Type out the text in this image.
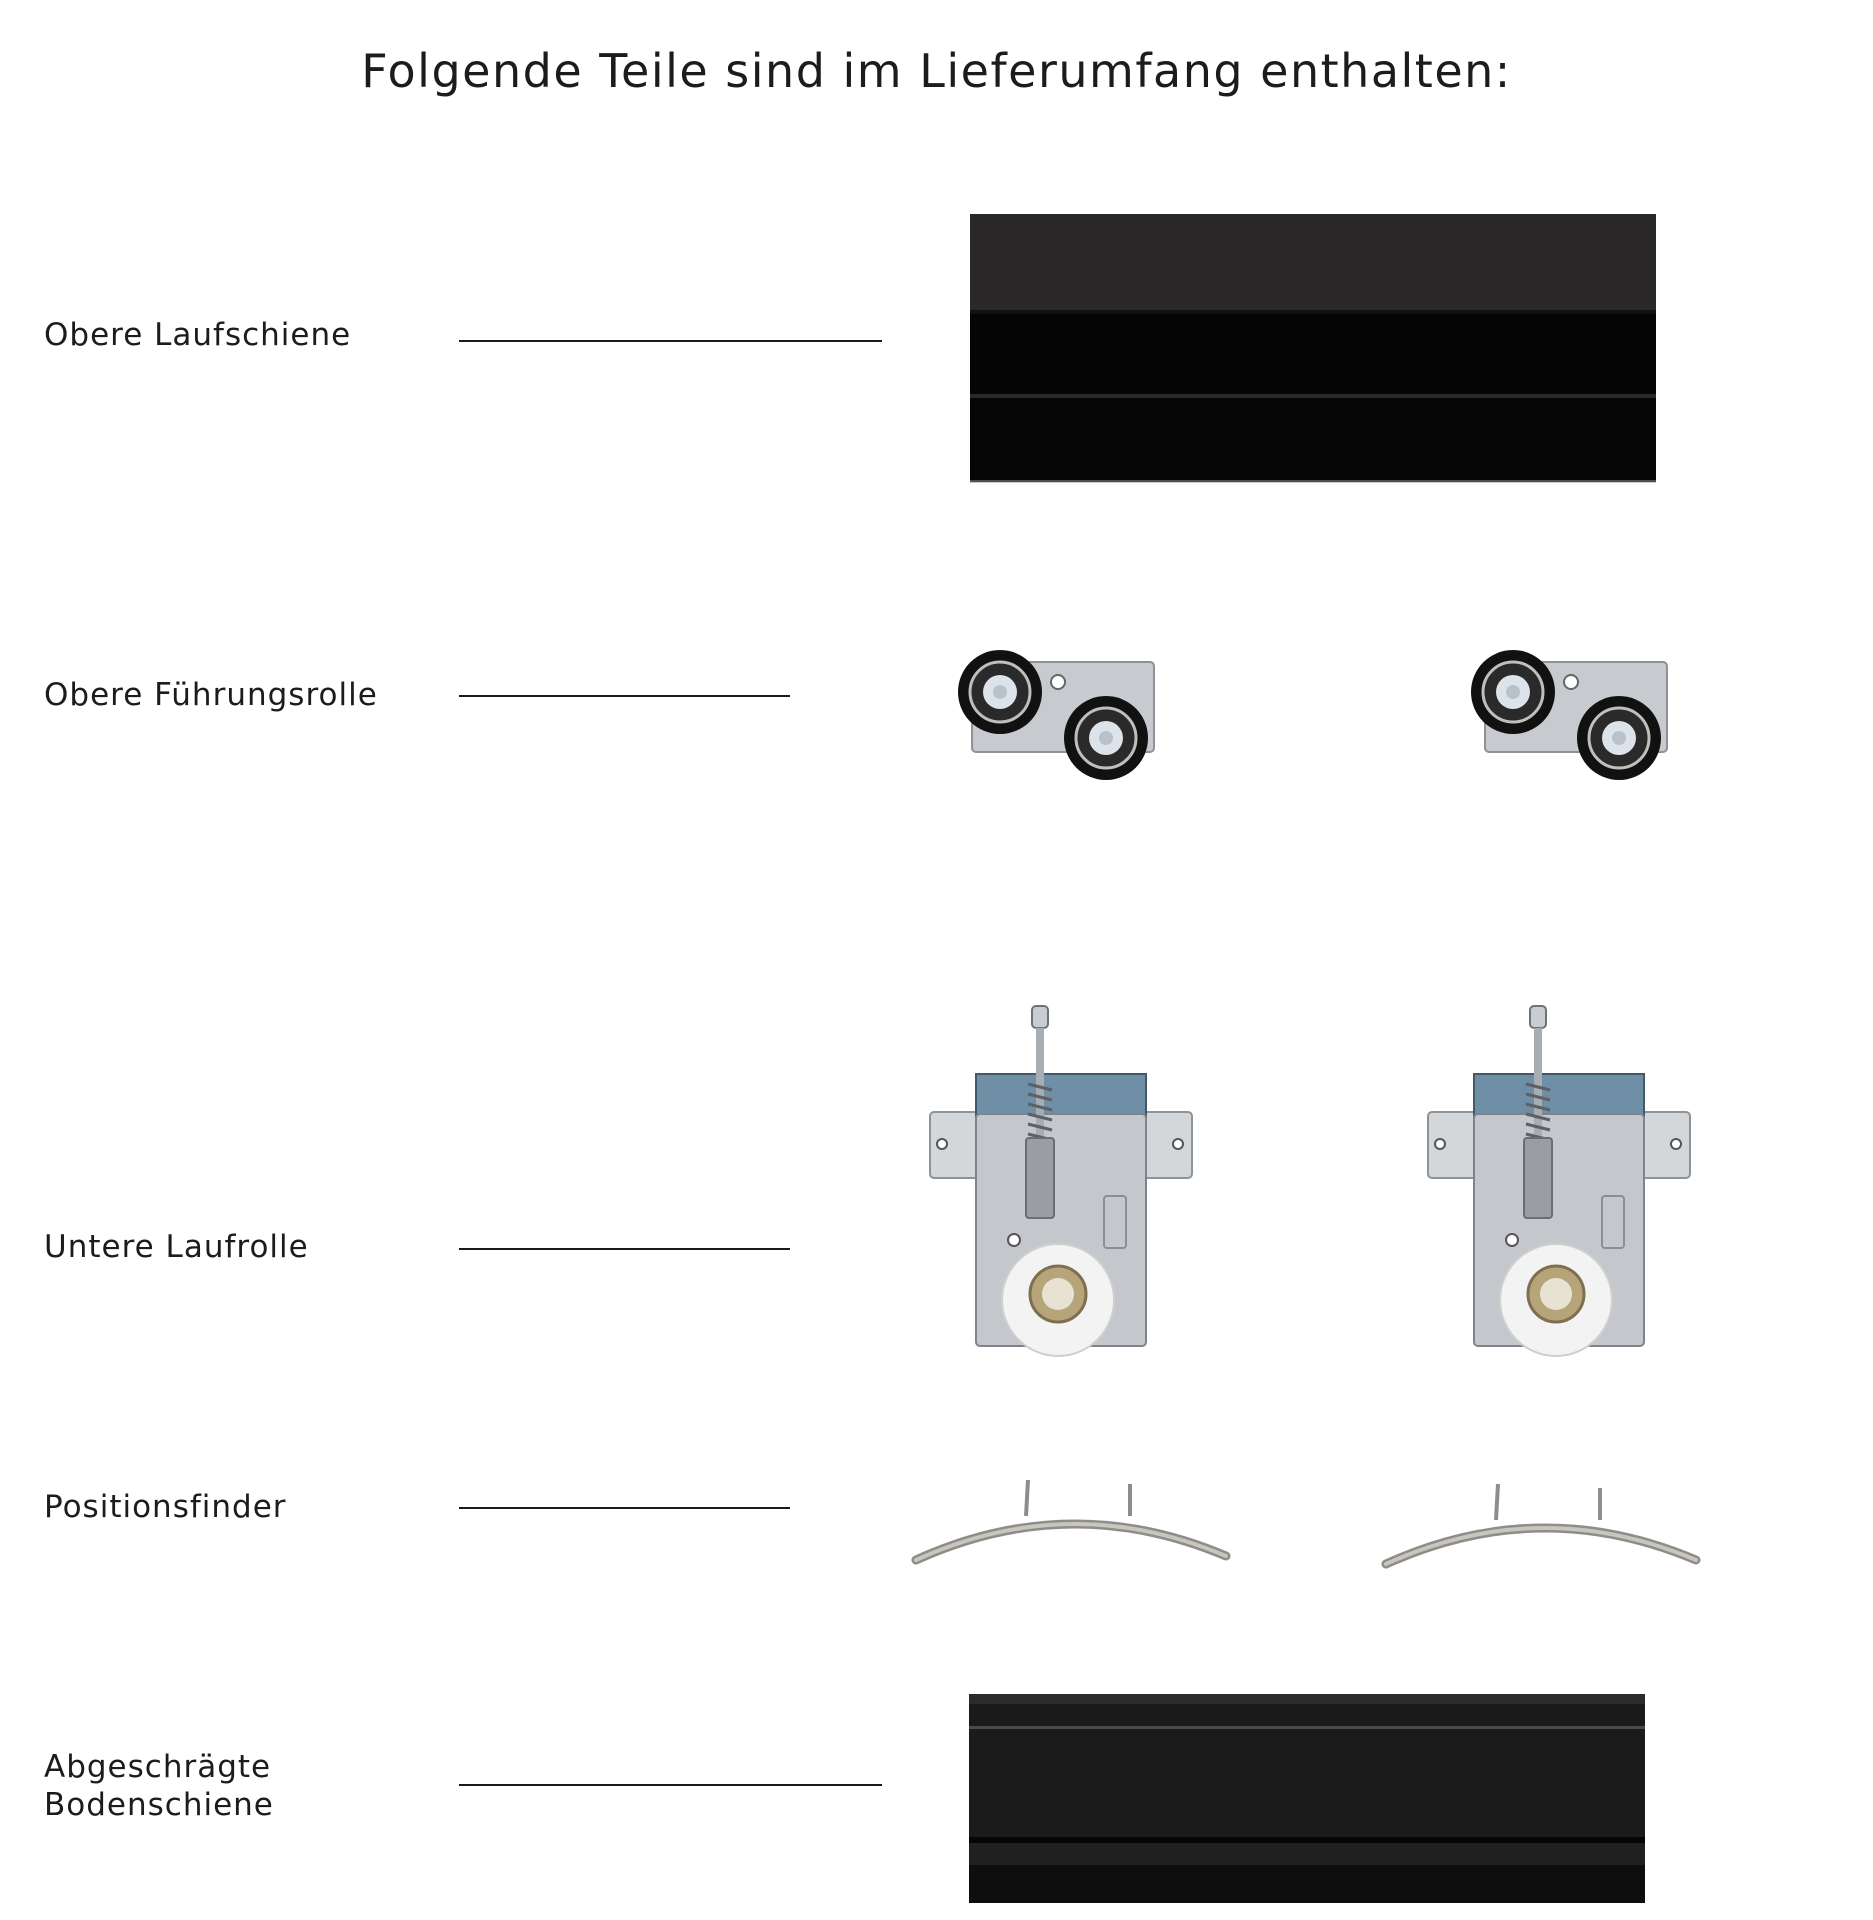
Folgende Teile sind im Lieferumfang enthalten:
Obere Laufschiene
Obere Führungsrolle
Untere Laufrolle
Positionsfinder
Abgeschrägte
Bodenschiene
